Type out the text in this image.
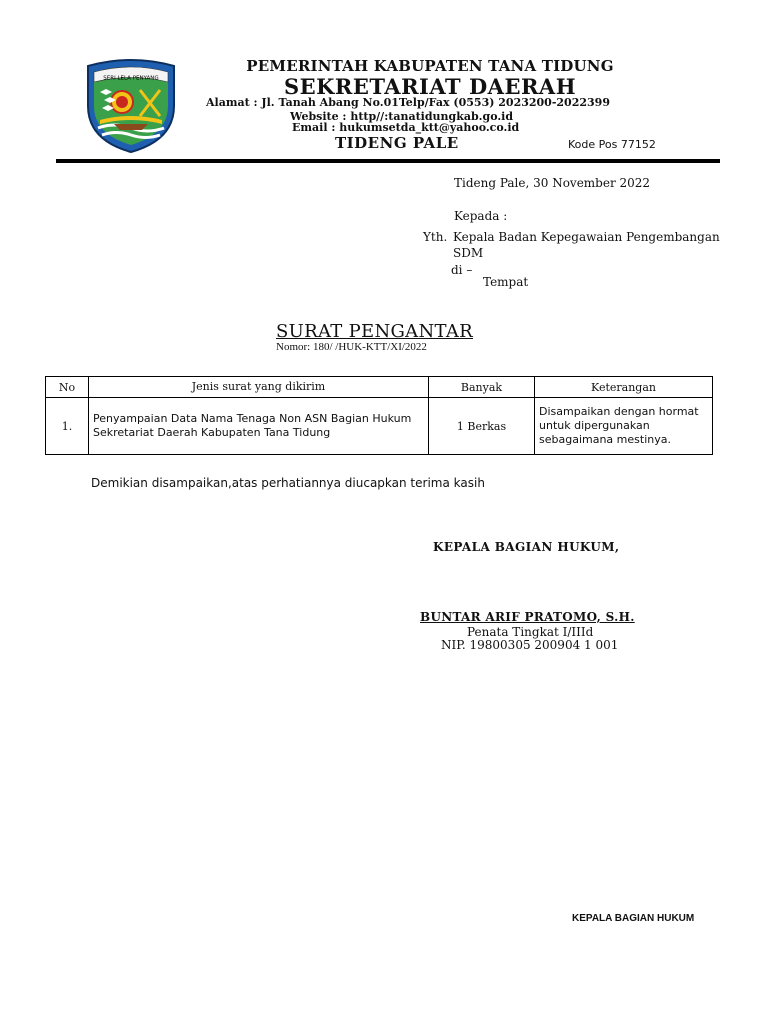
SERI LELA PENYANG
PEMERINTAH KABUPATEN TANA TIDUNG
SEKRETARIAT DAERAH
Alamat : Jl. Tanah Abang No.01Telp/Fax (0553) 2023200-2022399
Website : http//:tanatidungkab.go.id
Email : hukumsetda_ktt@yahoo.co.id
TIDENG PALE	Kode Pos 77152
Tideng Pale, 30 November 2022
Kepada :
Yth. Kepala Badan Kepegawaian Pengembangan SDM
di –
Tempat
SURAT PENGANTAR
Nomor: 180/ /HUK-KTT/XI/2022
No	Jenis surat yang dikirim	Banyak	Keterangan
1.	Penyampaian Data Nama Tenaga Non ASN Bagian Hukum Sekretariat Daerah Kabupaten Tana Tidung	1 Berkas	Disampaikan dengan hormat untuk dipergunakan sebagaimana mestinya.
Demikian disampaikan,atas perhatiannya diucapkan terima kasih
KEPALA BAGIAN HUKUM,
BUNTAR ARIF PRATOMO, S.H.
Penata Tingkat I/IIId
NIP. 19800305 200904 1 001
KEPALA BAGIAN HUKUM
